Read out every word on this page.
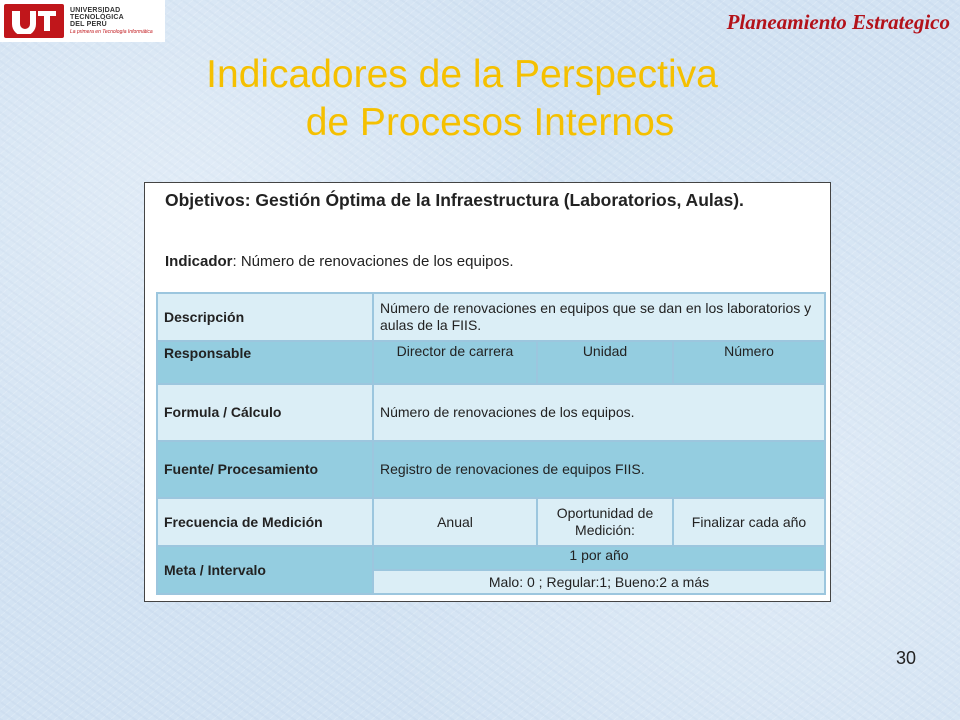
UNIVERSIDAD
TECNOLÓGICA
DEL PERÚ
La primera en Tecnología Informática	Planeamiento Estrategico
Indicadores de la Perspectiva
de Procesos Internos
Objetivos: Gestión Óptima de la Infraestructura (Laboratorios, Aulas).
Indicador: Número de renovaciones de los equipos.
Descripción	Número de renovaciones en equipos que se dan en los laboratorios y aulas de la FIIS.		
Responsable	Director de carrera	Unidad	Número
Formula / Cálculo	Número de renovaciones de los equipos.		
Fuente/ Procesamiento	Registro de renovaciones de equipos FIIS.		
Frecuencia de Medición	Anual	Oportunidad de Medición:	Finalizar cada año
Meta / Intervalo	1 por año		
	Malo: 0 ; Regular:1; Bueno:2 a más		
30
